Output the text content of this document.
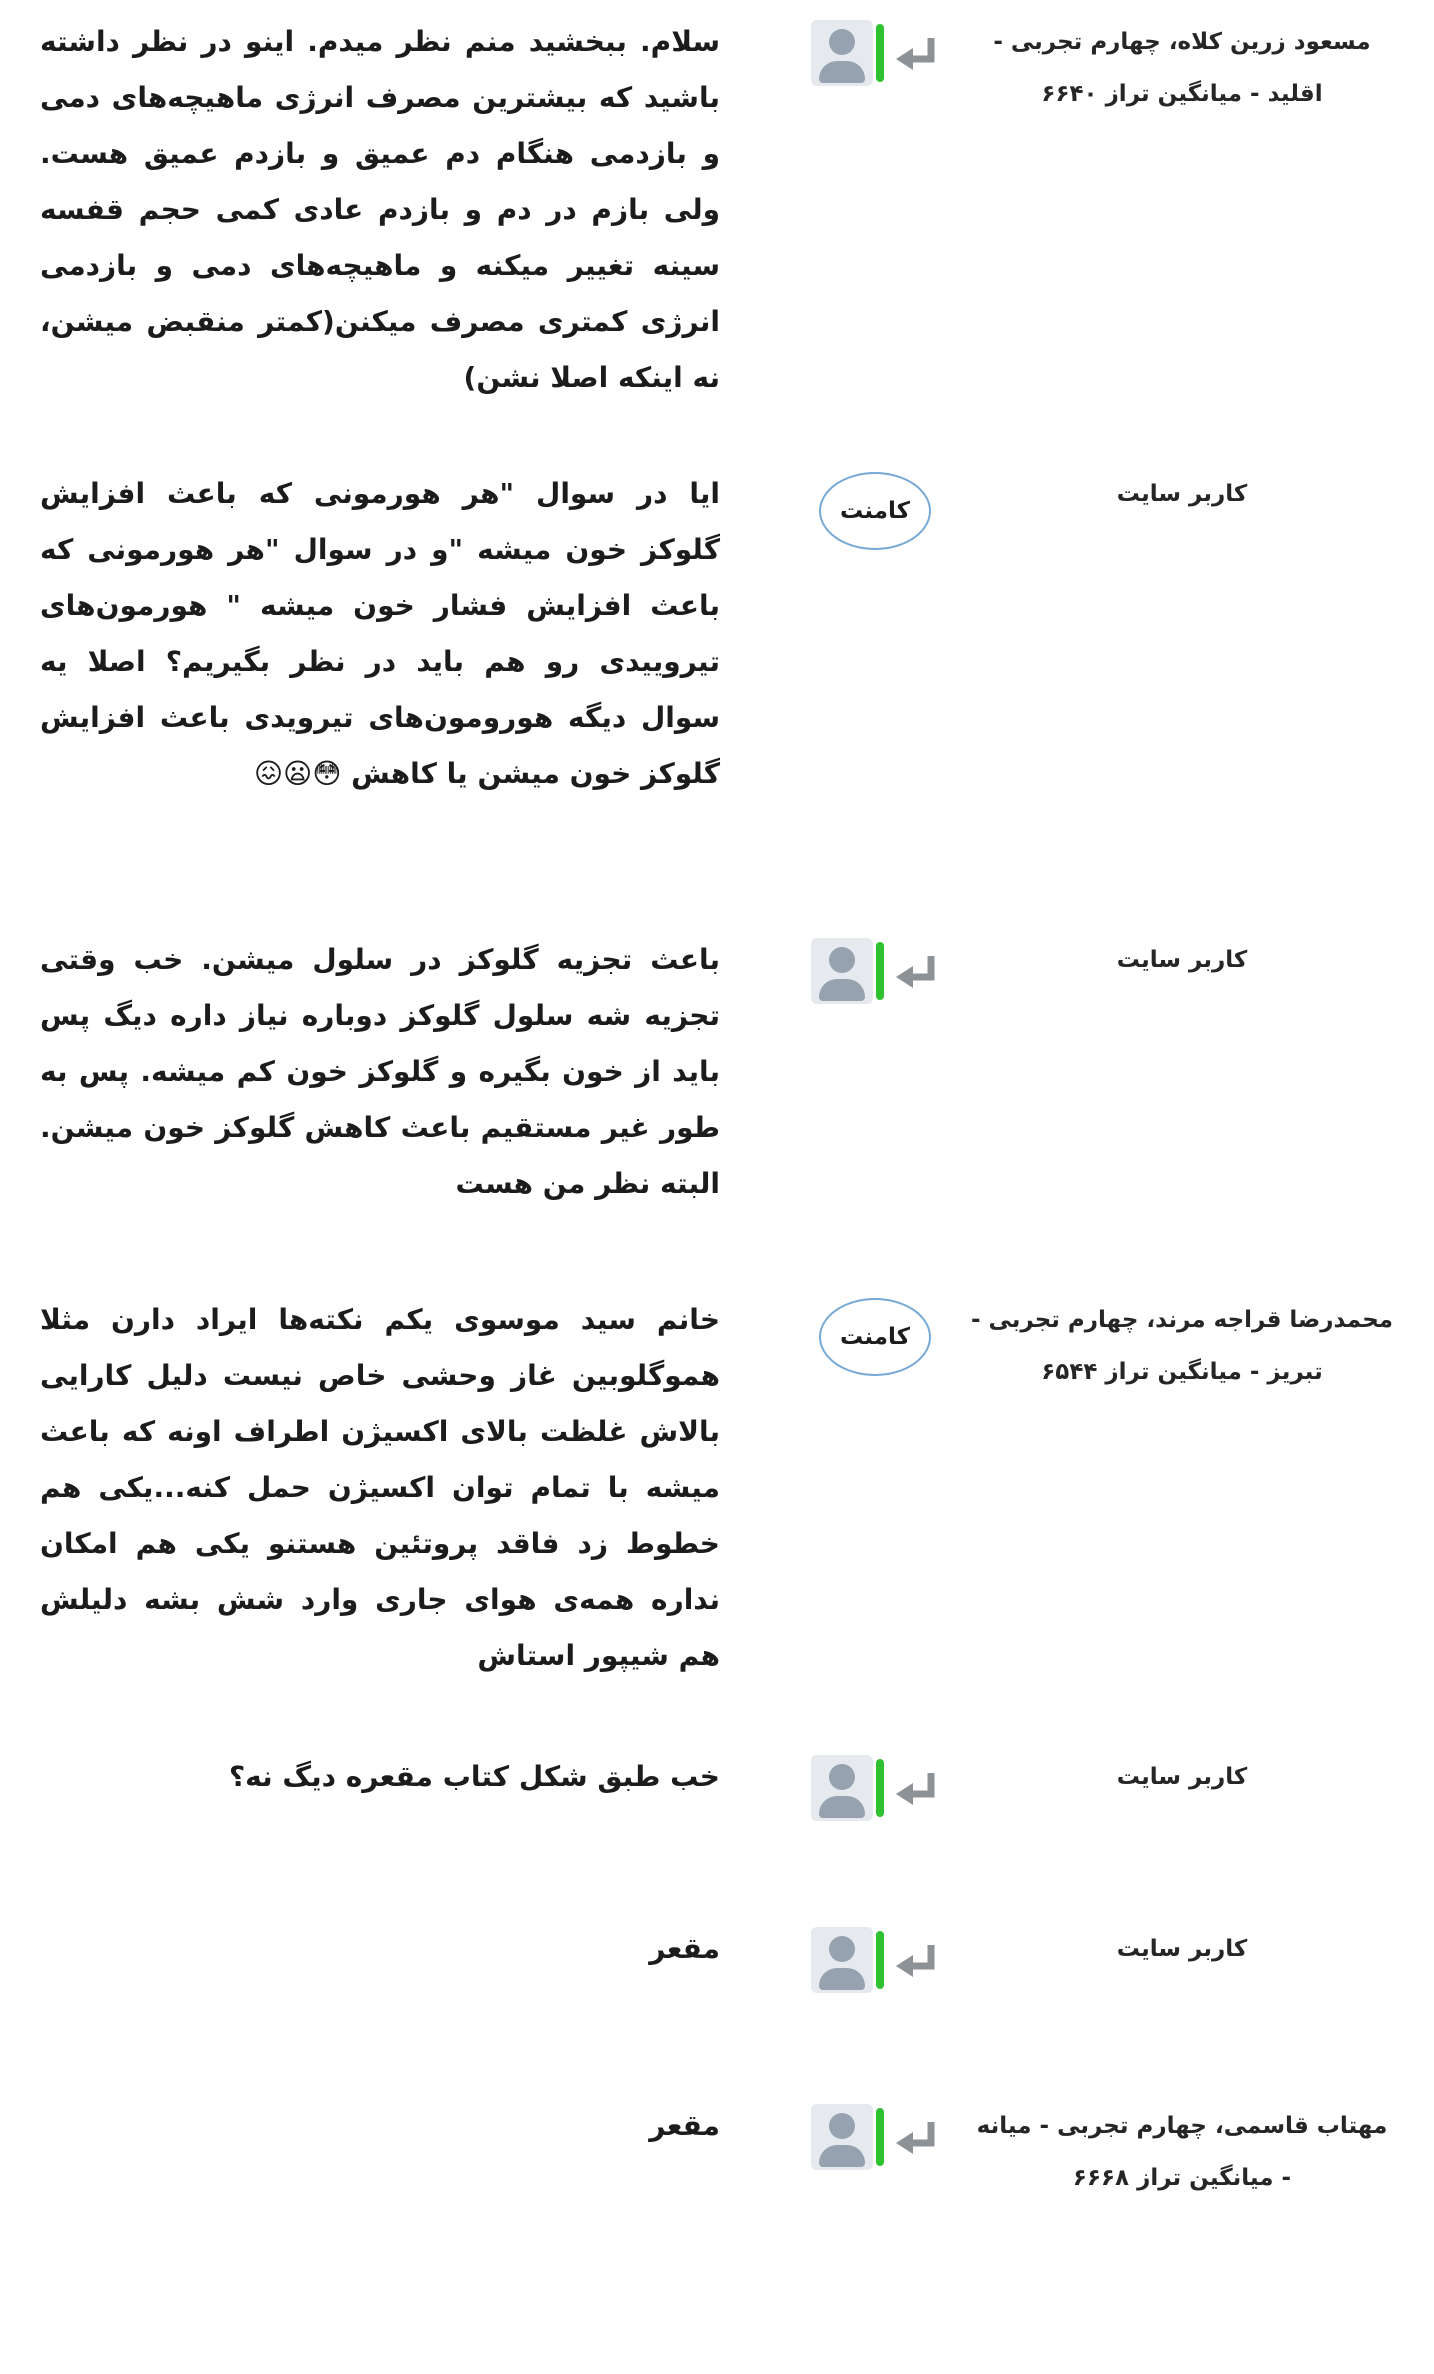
مسعود زرین کلاه، چهارم تجربی - اقلید - میانگین تراز ۶۶۴۰
سلام. ببخشید منم نظر میدم. اینو در نظر داشته باشید که بیشترین مصرف انرژی ماهیچه‌های دمی و بازدمی هنگام دم عمیق و بازدم عمیق هست. ولی بازم در دم و بازدم عادی کمی حجم قفسه سینه تغییر میکنه و ماهیچه‌های دمی و بازدمی انرژی کمتری مصرف میکنن(کمتر منقبض میشن، نه اینکه اصلا نشن)
کاربر سایت
کامنت
ایا در سوال "هر هورمونی که باعث افزایش گلوکز خون میشه "و در سوال "هر هورمونی که باعث افزایش فشار خون میشه " هورمون‌های تیروییدی رو هم باید در نظر بگیریم؟ اصلا یه سوال دیگه هورومون‌های تیرویدی باعث افزایش گلوکز خون میشن یا کاهش 😳😦😖
کاربر سایت
باعث تجزیه گلوکز در سلول میشن. خب وقتی تجزیه شه سلول گلوکز دوباره نیاز داره دیگ پس باید از خون بگیره و گلوکز خون کم میشه. پس به طور غیر مستقیم باعث کاهش گلوکز خون میشن. البته نظر من هست
محمدرضا قراجه مرند، چهارم تجربی - تبریز - میانگین تراز ۶۵۴۴
کامنت
خانم سید موسوی یکم نکته‌ها ایراد دارن مثلا هموگلوبین غاز وحشی خاص نیست دلیل کارایی بالاش غلظت بالای اکسیژن اطراف اونه که باعث میشه با تمام توان اکسیژن حمل کنه...یکی هم خطوط زد فاقد پروتئین هستنو یکی هم امکان نداره همه‌ی هوای جاری وارد شش بشه دلیلش هم شیپور استاش
کاربر سایت
خب طبق شکل کتاب مقعره دیگ نه؟
کاربر سایت
مقعر
مهتاب قاسمی، چهارم تجربی - میانه - میانگین تراز ۶۶۶۸
مقعر
